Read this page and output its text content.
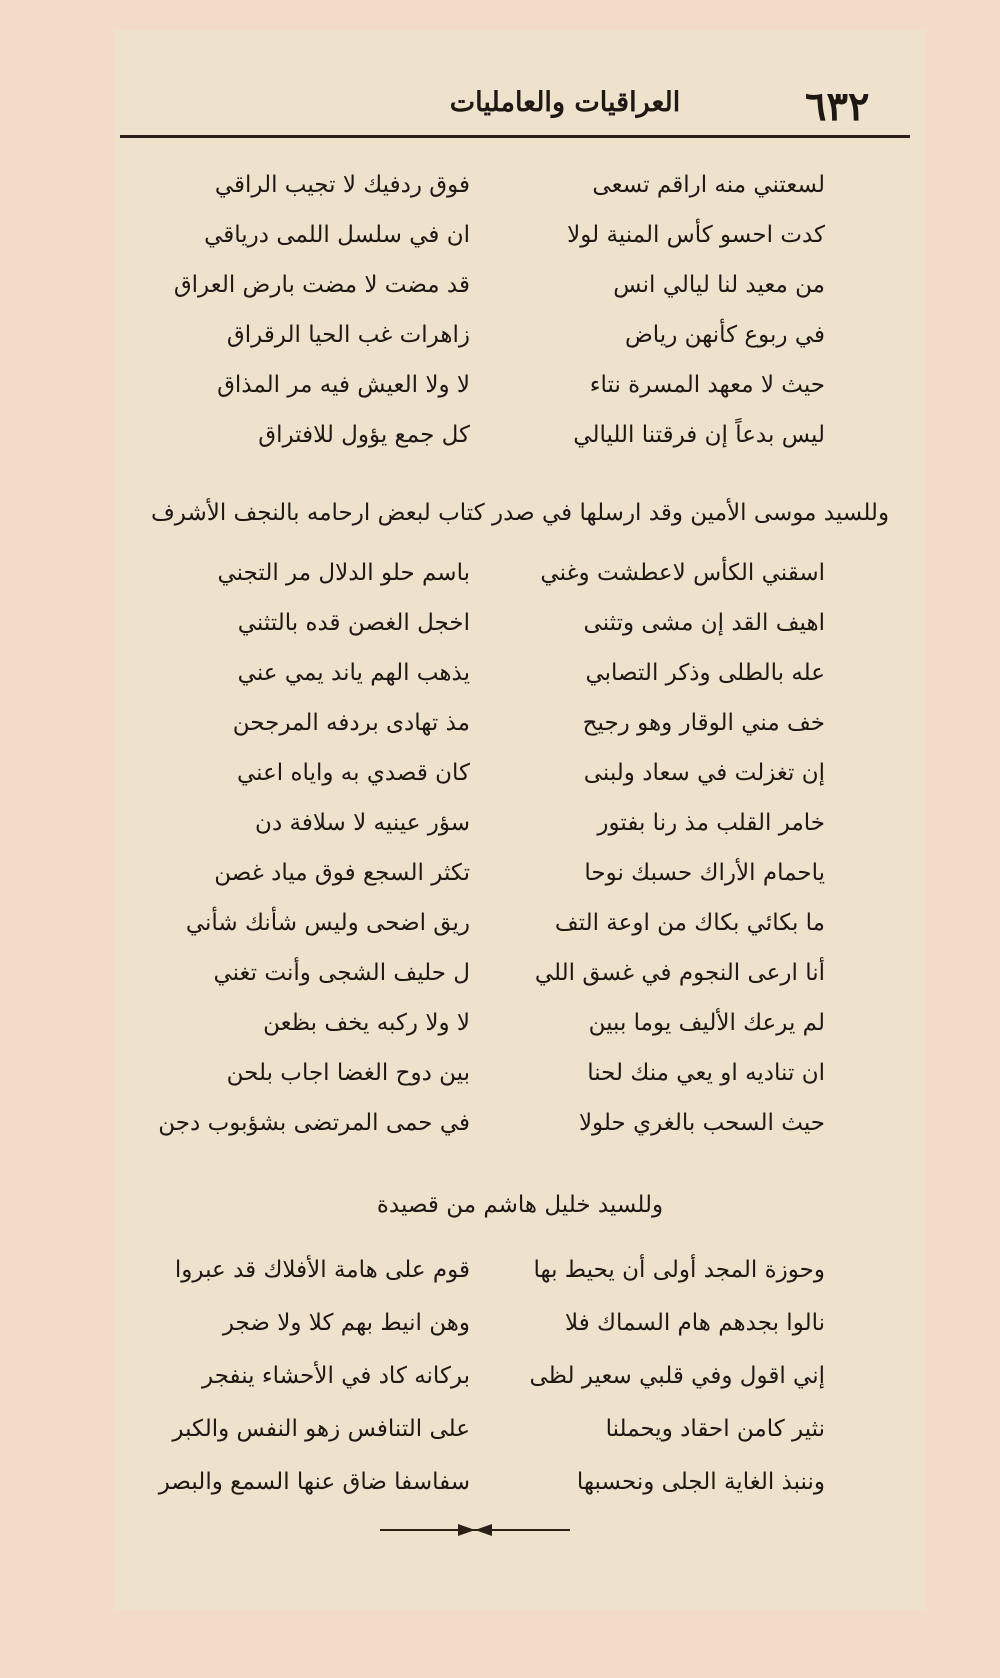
٦٣٢
العراقيات والعامليات
لسعتني منه اراقم تسعى
فوق ردفيك لا تجيب الراقي
كدت احسو كأس المنية لولا
ان في سلسل اللمى درياقي
من معيد لنا ليالي انس
قد مضت لا مضت بارض العراق
في ربوع كأنهن رياض
زاهرات غب الحيا الرقراق
حيث لا معهد المسرة نتاء
لا ولا العيش فيه مر المذاق
ليس بدعاً إن فرقتنا الليالي
كل جمع يؤول للافتراق
وللسيد موسى الأمين وقد ارسلها في صدر كتاب لبعض ارحامه بالنجف الأشرف
اسقني الكأس لاعطشت وغني
باسم حلو الدلال مر التجني
اهيف القد إن مشى وتثنى
اخجل الغصن قده بالتثني
عله بالطلى وذكر التصابي
يذهب الهم ياند يمي عني
خف مني الوقار وهو رجيح
مذ تهادى بردفه المرجحن
إن تغزلت في سعاد ولبنى
كان قصدي به واياه اعني
خامر القلب مذ رنا بفتور
سؤر عينيه لا سلافة دن
ياحمام الأراك حسبك نوحا
تكثر السجع فوق مياد غصن
ما بكائي بكاك من اوعة التف
ريق اضحى وليس شأنك شأني
أنا ارعى النجوم في غسق اللي
ل حليف الشجى وأنت تغني
لم يرعك الأليف يوما ببين
لا ولا ركبه يخف بظعن
ان تناديه او يعي منك لحنا
بين دوح الغضا اجاب بلحن
حيث السحب بالغري حلولا
في حمى المرتضى بشؤبوب دجن
وللسيد خليل هاشم من قصيدة
وحوزة المجد أولى أن يحيط بها
قوم على هامة الأفلاك قد عبروا
نالوا بجدهم هام السماك فلا
وهن انيط بهم كلا ولا ضجر
إني اقول وفي قلبي سعير لظى
بركانه كاد في الأحشاء ينفجر
نثير كامن احقاد ويحملنا
على التنافس زهو النفس والكبر
وننبذ الغاية الجلى ونحسبها
سفاسفا ضاق عنها السمع والبصر
